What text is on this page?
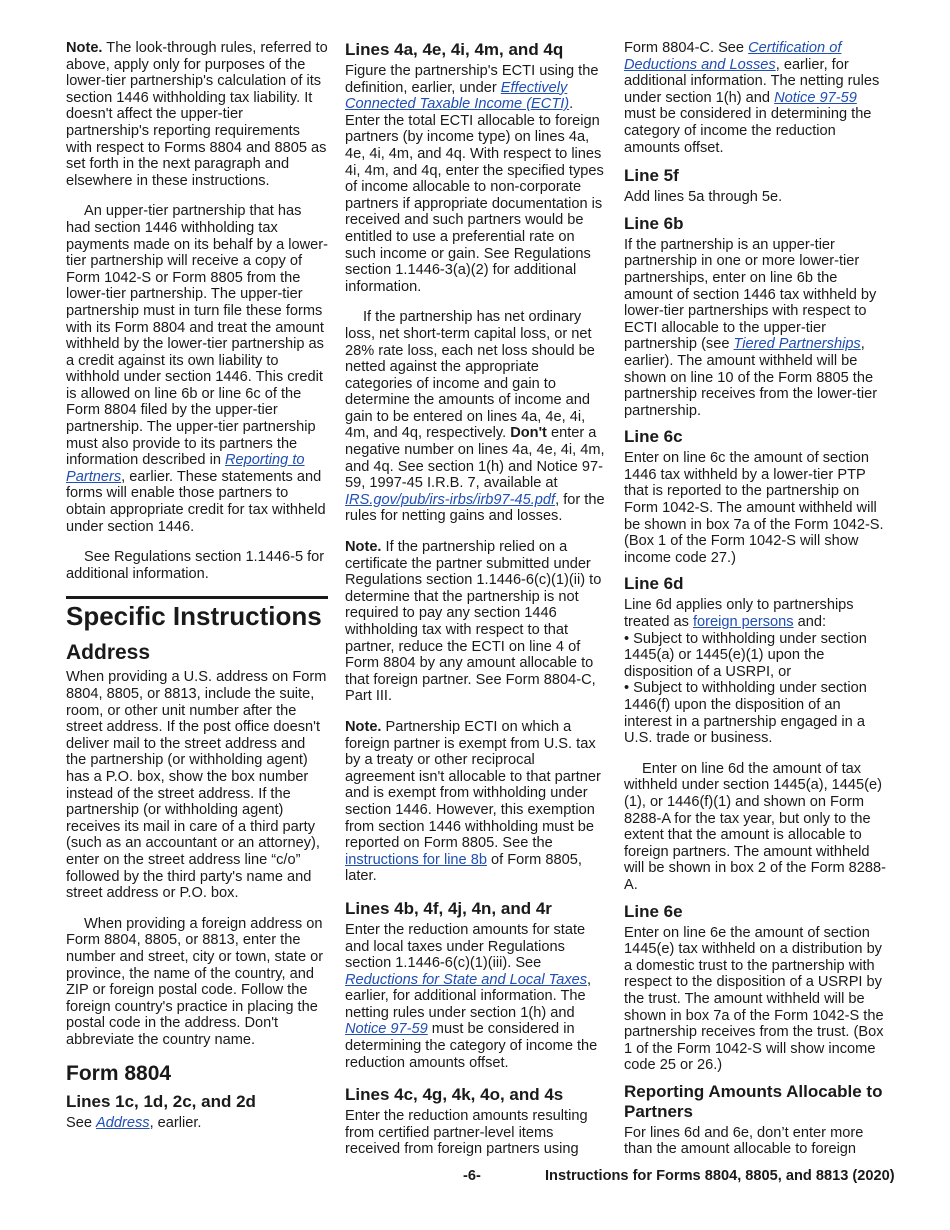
Note. The look-through rules, referred to above, apply only for purposes of the lower-tier partnership's calculation of its section 1446 withholding tax liability. It doesn't affect the upper-tier partnership's reporting requirements with respect to Forms 8804 and 8805 as set forth in the next paragraph and elsewhere in these instructions.

An upper-tier partnership that has had section 1446 withholding tax payments made on its behalf by a lower-tier partnership will receive a copy of Form 1042-S or Form 8805 from the lower-tier partnership. The upper-tier partnership must in turn file these forms with its Form 8804 and treat the amount withheld by the lower-tier partnership as a credit against its own liability to withhold under section 1446. This credit is allowed on line 6b or line 6c of the Form 8804 filed by the upper-tier partnership. The upper-tier partnership must also provide to its partners the information described in Reporting to Partners, earlier. These statements and forms will enable those partners to obtain appropriate credit for tax withheld under section 1446.

See Regulations section 1.1446-5 for additional information.

Specific Instructions
Address

When providing a U.S. address on Form 8804, 8805, or 8813, include the suite, room, or other unit number after the street address. If the post office doesn't deliver mail to the street address and the partnership (or withholding agent) has a P.O. box, show the box number instead of the street address. If the partnership (or withholding agent) receives its mail in care of a third party (such as an accountant or an attorney), enter on the street address line “c/o” followed by the third party's name and street address or P.O. box.

When providing a foreign address on Form 8804, 8805, or 8813, enter the number and street, city or town, state or province, the name of the country, and ZIP or foreign postal code. Follow the foreign country's practice in placing the postal code in the address. Don't abbreviate the country name.

Form 8804
Lines 1c, 1d, 2c, and 2d

See Address, earlier.

Lines 4a, 4e, 4i, 4m, and 4q

Figure the partnership's ECTI using the definition, earlier, under Effectively Connected Taxable Income (ECTI). Enter the total ECTI allocable to foreign partners (by income type) on lines 4a, 4e, 4i, 4m, and 4q. With respect to lines 4i, 4m, and 4q, enter the specified types of income allocable to non-corporate partners if appropriate documentation is received and such partners would be entitled to use a preferential rate on such income or gain. See Regulations section 1.1446-3(a)(2) for additional information.

If the partnership has net ordinary loss, net short-term capital loss, or net 28% rate loss, each net loss should be netted against the appropriate categories of income and gain to determine the amounts of income and gain to be entered on lines 4a, 4e, 4i, 4m, and 4q, respectively. Don't enter a negative number on lines 4a, 4e, 4i, 4m, and 4q. See section 1(h) and Notice 97-59, 1997-45 I.R.B. 7, available at IRS.gov/pub/irs-irbs/irb97-45.pdf, for the rules for netting gains and losses.

Note. If the partnership relied on a certificate the partner submitted under Regulations section 1.1446-6(c)(1)(ii) to determine that the partnership is not required to pay any section 1446 withholding tax with respect to that partner, reduce the ECTI on line 4 of Form 8804 by any amount allocable to that foreign partner. See Form 8804-C, Part III.

Note. Partnership ECTI on which a foreign partner is exempt from U.S. tax by a treaty or other reciprocal agreement isn't allocable to that partner and is exempt from withholding under section 1446. However, this exemption from section 1446 withholding must be reported on Form 8805. See the instructions for line 8b of Form 8805, later.

Lines 4b, 4f, 4j, 4n, and 4r

Enter the reduction amounts for state and local taxes under Regulations section 1.1446-6(c)(1)(iii). See Reductions for State and Local Taxes, earlier, for additional information. The netting rules under section 1(h) and Notice 97-59 must be considered in determining the category of income the reduction amounts offset.

Lines 4c, 4g, 4k, 4o, and 4s

Enter the reduction amounts resulting from certified partner-level items received from foreign partners using

Form 8804-C. See Certification of Deductions and Losses, earlier, for additional information. The netting rules under section 1(h) and Notice 97-59 must be considered in determining the category of income the reduction amounts offset.

Line 5f

Add lines 5a through 5e.

Line 6b

If the partnership is an upper-tier partnership in one or more lower-tier partnerships, enter on line 6b the amount of section 1446 tax withheld by lower-tier partnerships with respect to ECTI allocable to the upper-tier partnership (see Tiered Partnerships, earlier). The amount withheld will be shown on line 10 of the Form 8805 the partnership receives from the lower-tier partnership.

Line 6c

Enter on line 6c the amount of section 1446 tax withheld by a lower-tier PTP that is reported to the partnership on Form 1042-S. The amount withheld will be shown in box 7a of the Form 1042-S. (Box 1 of the Form 1042-S will show income code 27.)

Line 6d

Line 6d applies only to partnerships treated as foreign persons and:

• Subject to withholding under section 1445(a) or 1445(e)(1) upon the disposition of a USRPI, or

• Subject to withholding under section 1446(f) upon the disposition of an interest in a partnership engaged in a U.S. trade or business.

Enter on line 6d the amount of tax withheld under section 1445(a), 1445(e)(1), or 1446(f)(1) and shown on Form 8288-A for the tax year, but only to the extent that the amount is allocable to foreign partners. The amount withheld will be shown in box 2 of the Form 8288-A.

Line 6e

Enter on line 6e the amount of section 1445(e) tax withheld on a distribution by a domestic trust to the partnership with respect to the disposition of a USRPI by the trust. The amount withheld will be shown in box 7a of the Form 1042-S the partnership receives from the trust. (Box 1 of the Form 1042-S will show income code 25 or 26.)

Reporting Amounts Allocable to Partners

For lines 6d and 6e, don’t enter more than the amount allocable to foreign

-6-	Instructions for Forms 8804, 8805, and 8813 (2020)
